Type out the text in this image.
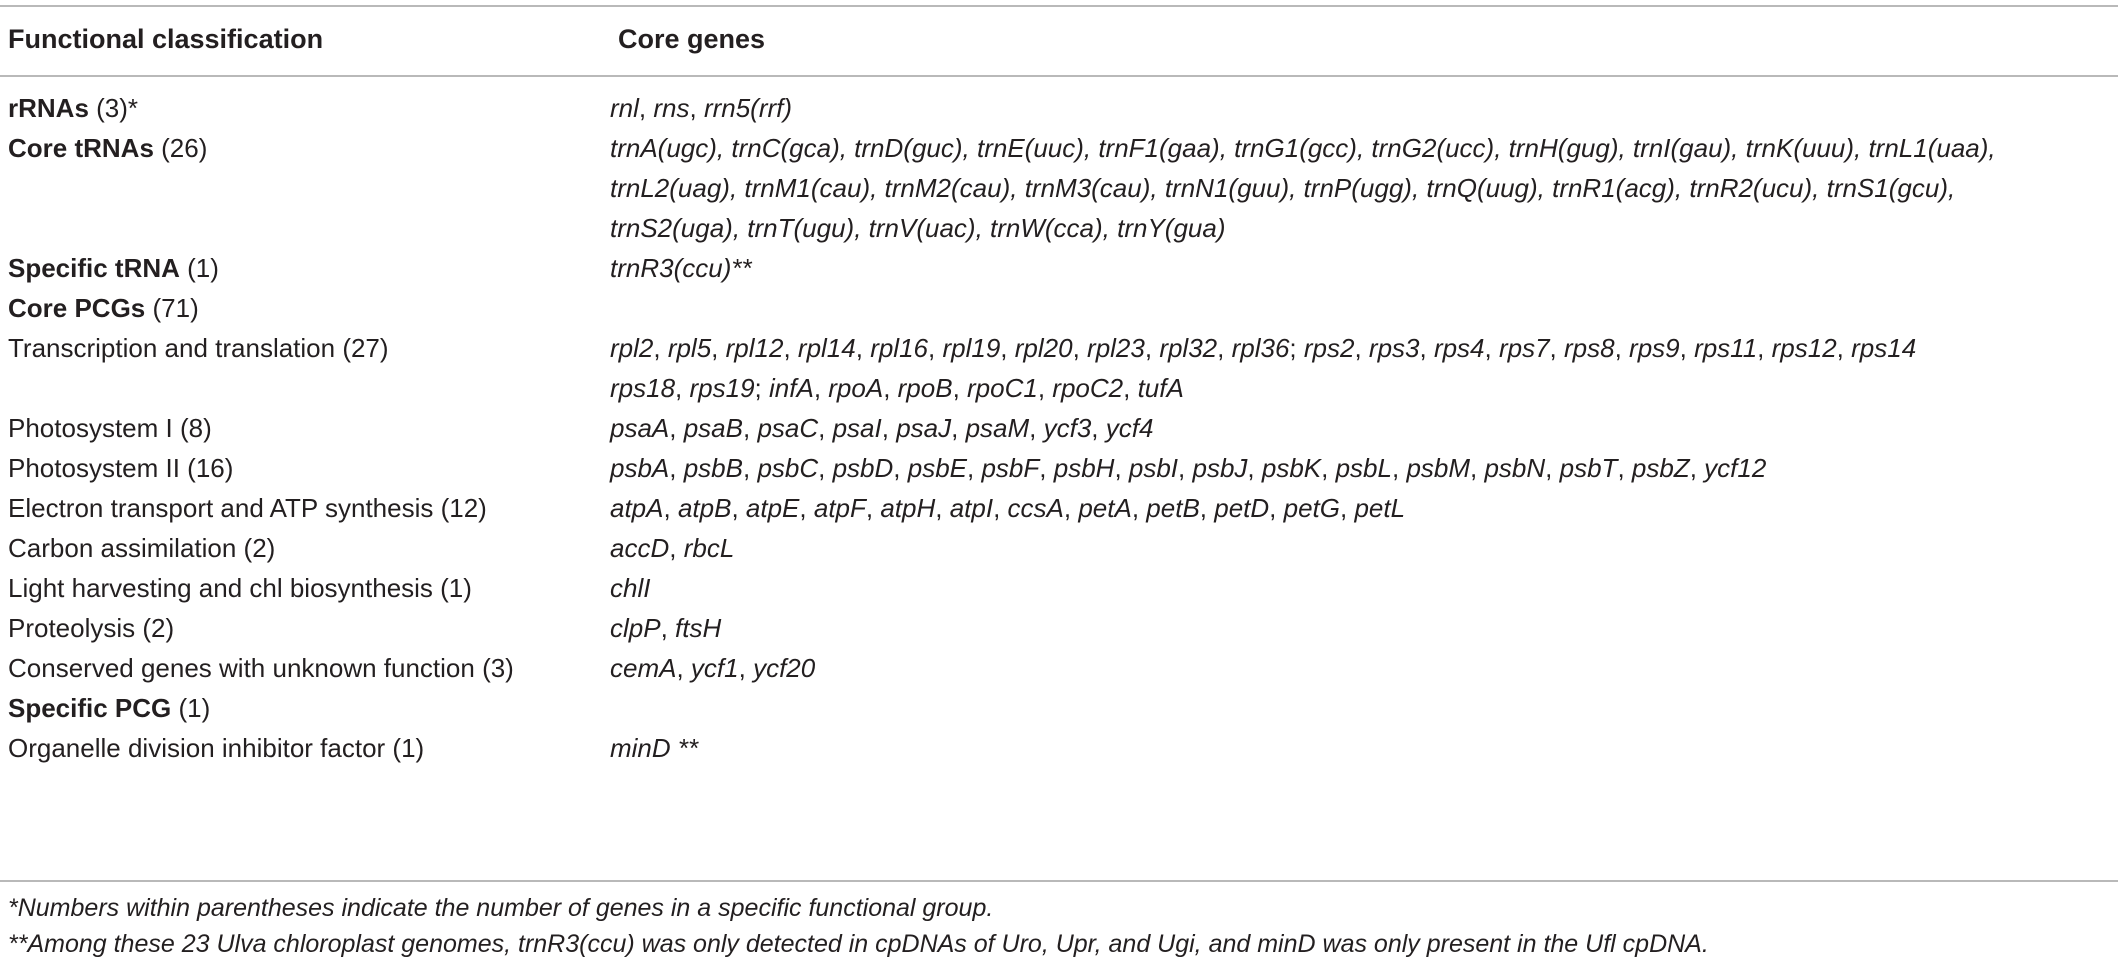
Functional classification	Core genes
rRNAs (3)*	rnl, rns, rrn5(rrf)
Core tRNAs (26)	trnA(ugc), trnC(gca), trnD(guc), trnE(uuc), trnF1(gaa), trnG1(gcc), trnG2(ucc), trnH(gug), trnI(gau), trnK(uuu), trnL1(uaa),
trnL2(uag), trnM1(cau), trnM2(cau), trnM3(cau), trnN1(guu), trnP(ugg), trnQ(uug), trnR1(acg), trnR2(ucu), trnS1(gcu),
trnS2(uga), trnT(ugu), trnV(uac), trnW(cca), trnY(gua)
Specific tRNA (1)	trnR3(ccu)**
Core PCGs (71)
Transcription and translation (27)	rpl2, rpl5, rpl12, rpl14, rpl16, rpl19, rpl20, rpl23, rpl32, rpl36; rps2, rps3, rps4, rps7, rps8, rps9, rps11, rps12, rps14
rps18, rps19; infA, rpoA, rpoB, rpoC1, rpoC2, tufA
Photosystem I (8)	psaA, psaB, psaC, psaI, psaJ, psaM, ycf3, ycf4
Photosystem II (16)	psbA, psbB, psbC, psbD, psbE, psbF, psbH, psbI, psbJ, psbK, psbL, psbM, psbN, psbT, psbZ, ycf12
Electron transport and ATP synthesis (12)	atpA, atpB, atpE, atpF, atpH, atpI, ccsA, petA, petB, petD, petG, petL
Carbon assimilation (2)	accD, rbcL
Light harvesting and chl biosynthesis (1)	chlI
Proteolysis (2)	clpP, ftsH
Conserved genes with unknown function (3)	cemA, ycf1, ycf20
Specific PCG (1)
Organelle division inhibitor factor (1)	minD **
*Numbers within parentheses indicate the number of genes in a specific functional group.
**Among these 23 Ulva chloroplast genomes, trnR3(ccu) was only detected in cpDNAs of Uro, Upr, and Ugi, and minD was only present in the Ufl cpDNA.
